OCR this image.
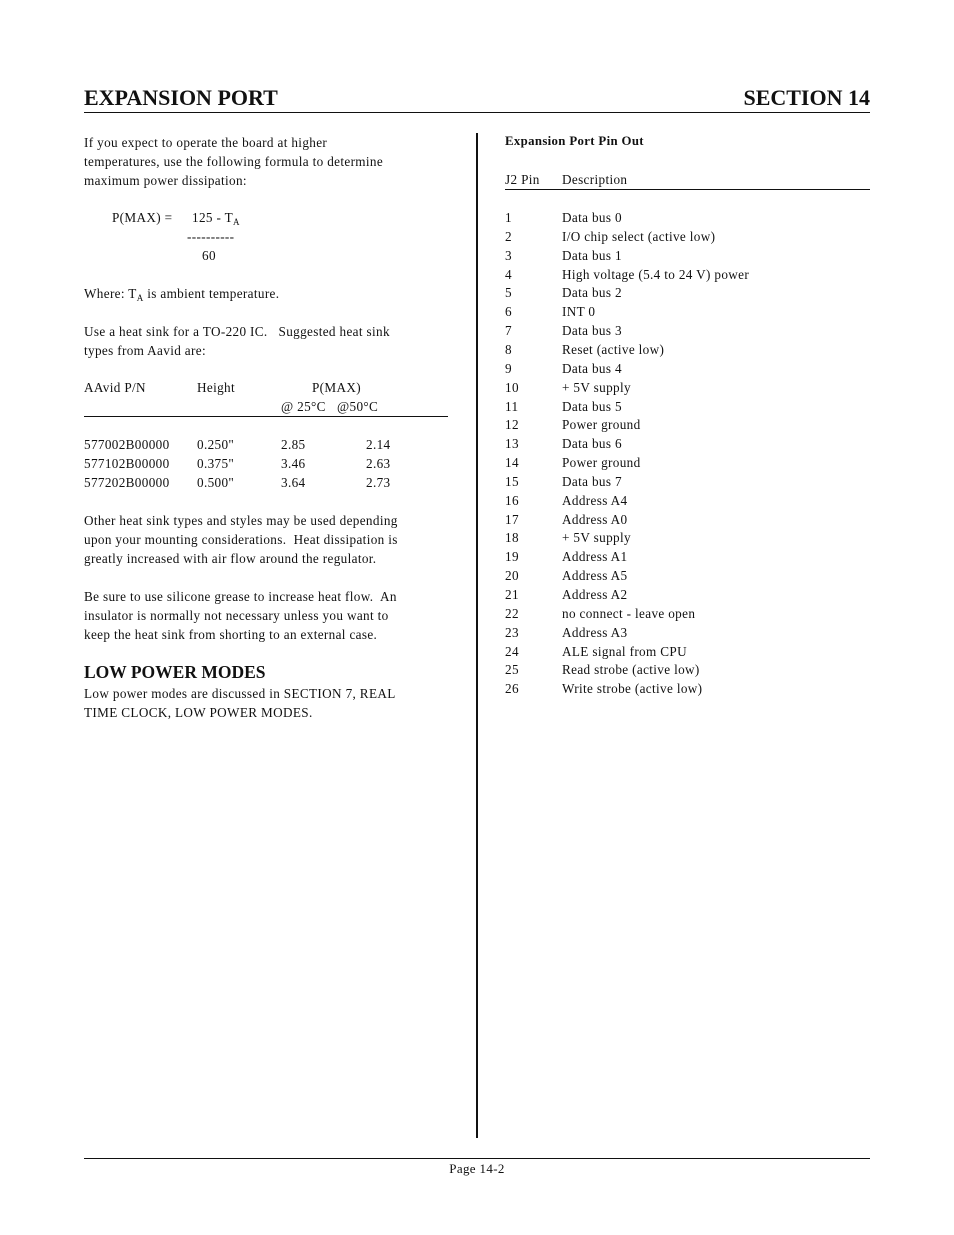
EXPANSION PORT	SECTION 14
If you expect to operate the board at higher
temperatures, use the following formula to determine
maximum power dissipation:
$P(MAX) = 125 - T_A$
----------
60
Where: $T_A$ is ambient temperature.
Use a heat sink for a TO-220 IC.   Suggested heat sink
types from Aavid are:
AAvid P/N	Height	P(MAX)
@ 25°C @50°C
577002B00000 0.250"	2.85	2.14
577102B00000 0.375"	3.46	2.63
577202B00000 0.500"	3.64	2.73
Other heat sink types and styles may be used depending
upon your mounting considerations.  Heat dissipation is
greatly increased with air flow around the regulator.
Be sure to use silicone grease to increase heat flow.  An
insulator is normally not necessary unless you want to
keep the heat sink from shorting to an external case.
LOW POWER MODES
Low power modes are discussed in SECTION 7, REAL
TIME CLOCK, LOW POWER MODES.
Expansion Port Pin Out
J2 Pin Description
1	Data bus 0
2	I/O chip select (active low)
3	Data bus 1
4	High voltage (5.4 to 24 V) power
5	Data bus 2
6	INT 0
7	Data bus 3
8	Reset (active low)
9	Data bus 4
10	+ 5V supply
11	Data bus 5
12	Power ground
13	Data bus 6
14	Power ground
15	Data bus 7
16	Address A4
17	Address A0
18	+ 5V supply
19	Address A1
20	Address A5
21	Address A2
22	no connect - leave open
23	Address A3
24	ALE signal from CPU
25	Read strobe (active low)
26	Write strobe (active low)
Page 14-2
